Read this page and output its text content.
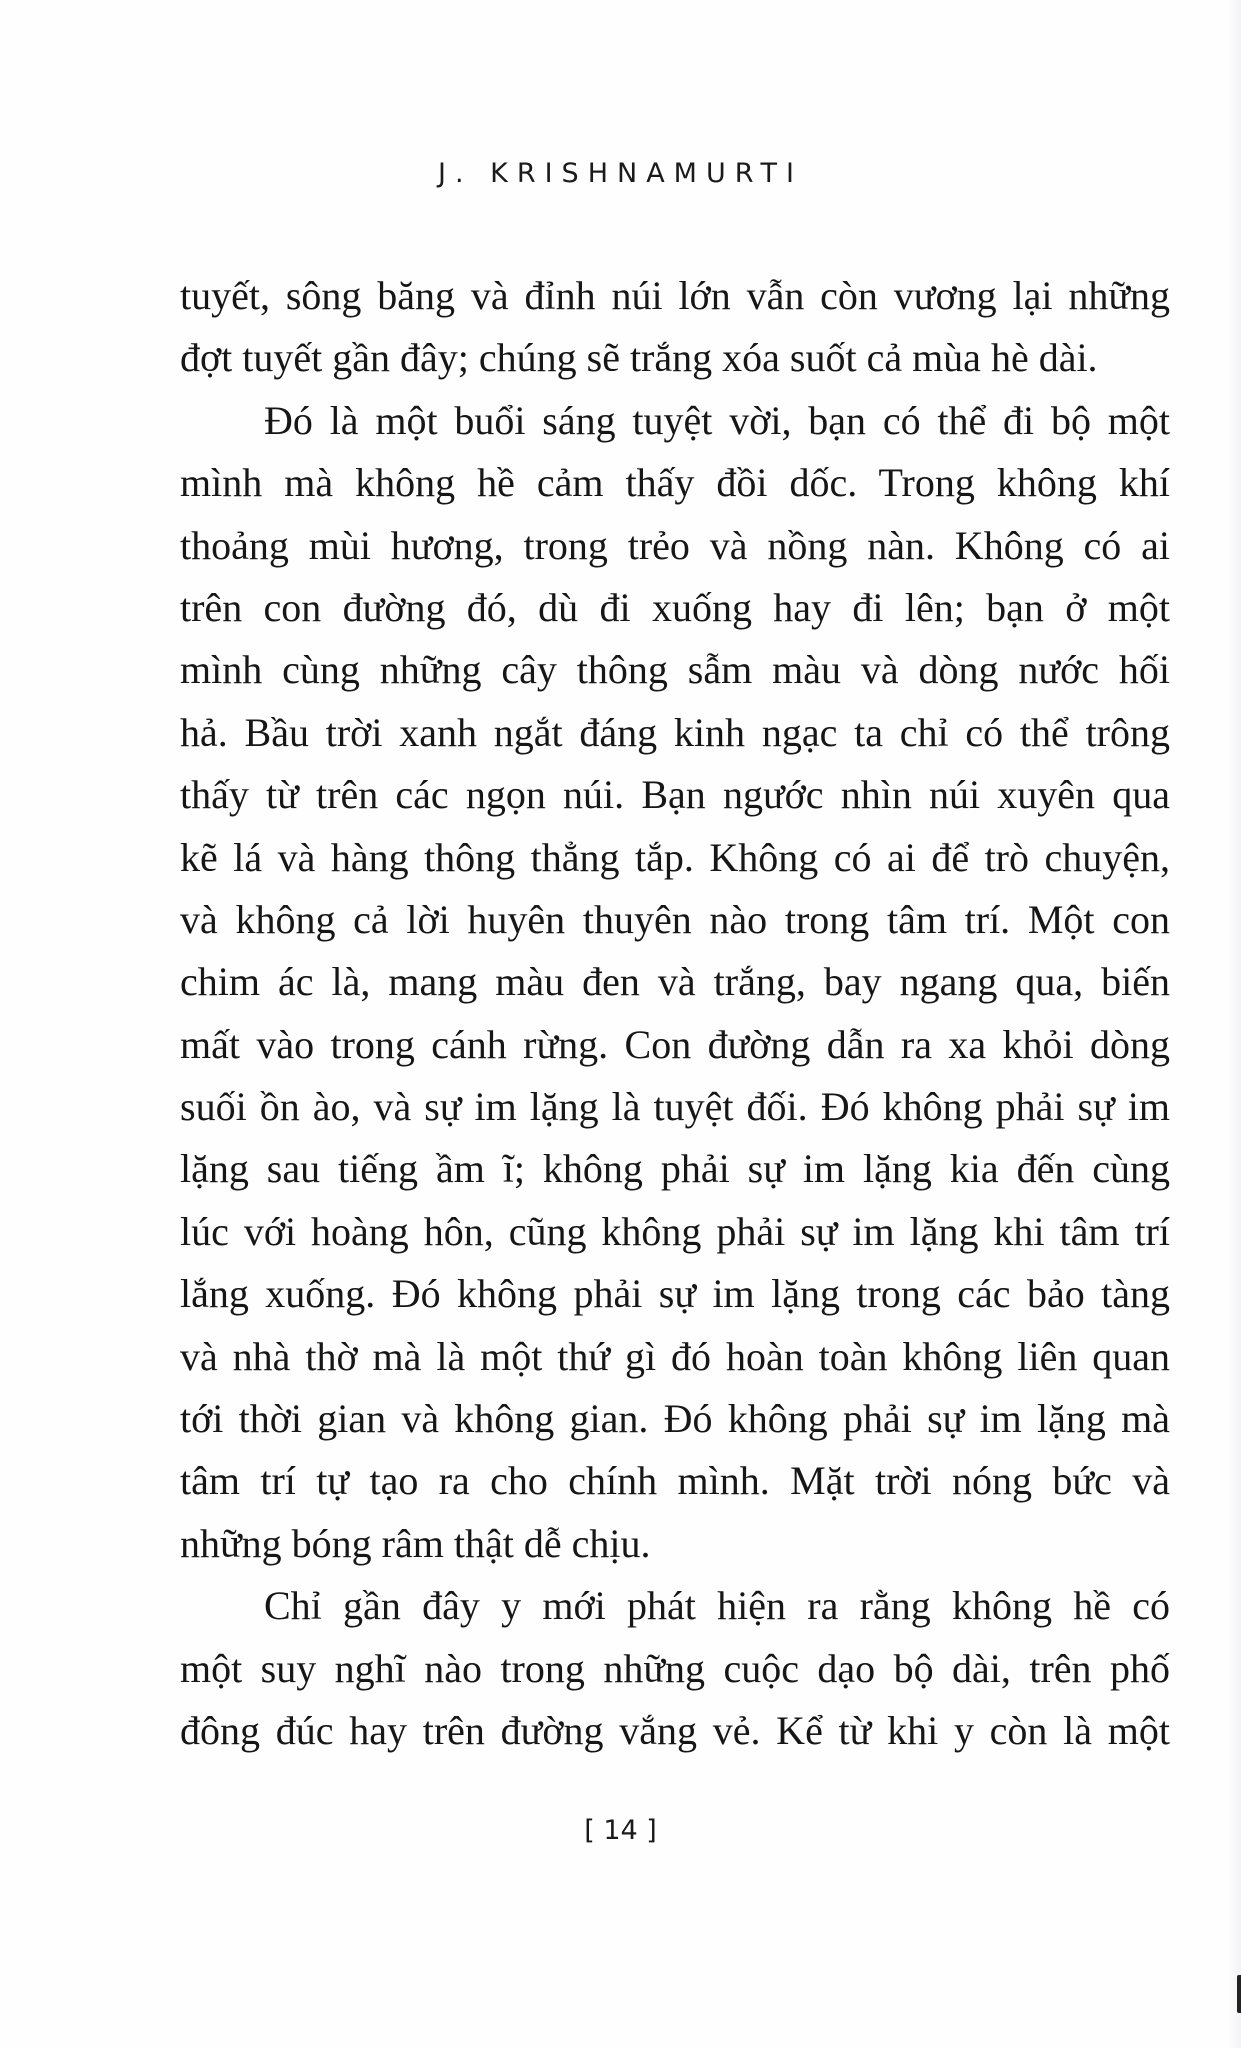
J. KRISHNAMURTI
tuyết, sông băng và đỉnh núi lớn vẫn còn vương lại những
đợt tuyết gần đây; chúng sẽ trắng xóa suốt cả mùa hè dài.
Đó là một buổi sáng tuyệt vời, bạn có thể đi bộ một
mình mà không hề cảm thấy đồi dốc. Trong không khí
thoảng mùi hương, trong trẻo và nồng nàn. Không có ai
trên con đường đó, dù đi xuống hay đi lên; bạn ở một
mình cùng những cây thông sẫm màu và dòng nước hối
hả. Bầu trời xanh ngắt đáng kinh ngạc ta chỉ có thể trông
thấy từ trên các ngọn núi. Bạn ngước nhìn núi xuyên qua
kẽ lá và hàng thông thẳng tắp. Không có ai để trò chuyện,
và không cả lời huyên thuyên nào trong tâm trí. Một con
chim ác là, mang màu đen và trắng, bay ngang qua, biến
mất vào trong cánh rừng. Con đường dẫn ra xa khỏi dòng
suối ồn ào, và sự im lặng là tuyệt đối. Đó không phải sự im
lặng sau tiếng ầm ĩ; không phải sự im lặng kia đến cùng
lúc với hoàng hôn, cũng không phải sự im lặng khi tâm trí
lắng xuống. Đó không phải sự im lặng trong các bảo tàng
và nhà thờ mà là một thứ gì đó hoàn toàn không liên quan
tới thời gian và không gian. Đó không phải sự im lặng mà
tâm trí tự tạo ra cho chính mình. Mặt trời nóng bức và
những bóng râm thật dễ chịu.
Chỉ gần đây y mới phát hiện ra rằng không hề có
một suy nghĩ nào trong những cuộc dạo bộ dài, trên phố
đông đúc hay trên đường vắng vẻ. Kể từ khi y còn là một
[ 14 ]
